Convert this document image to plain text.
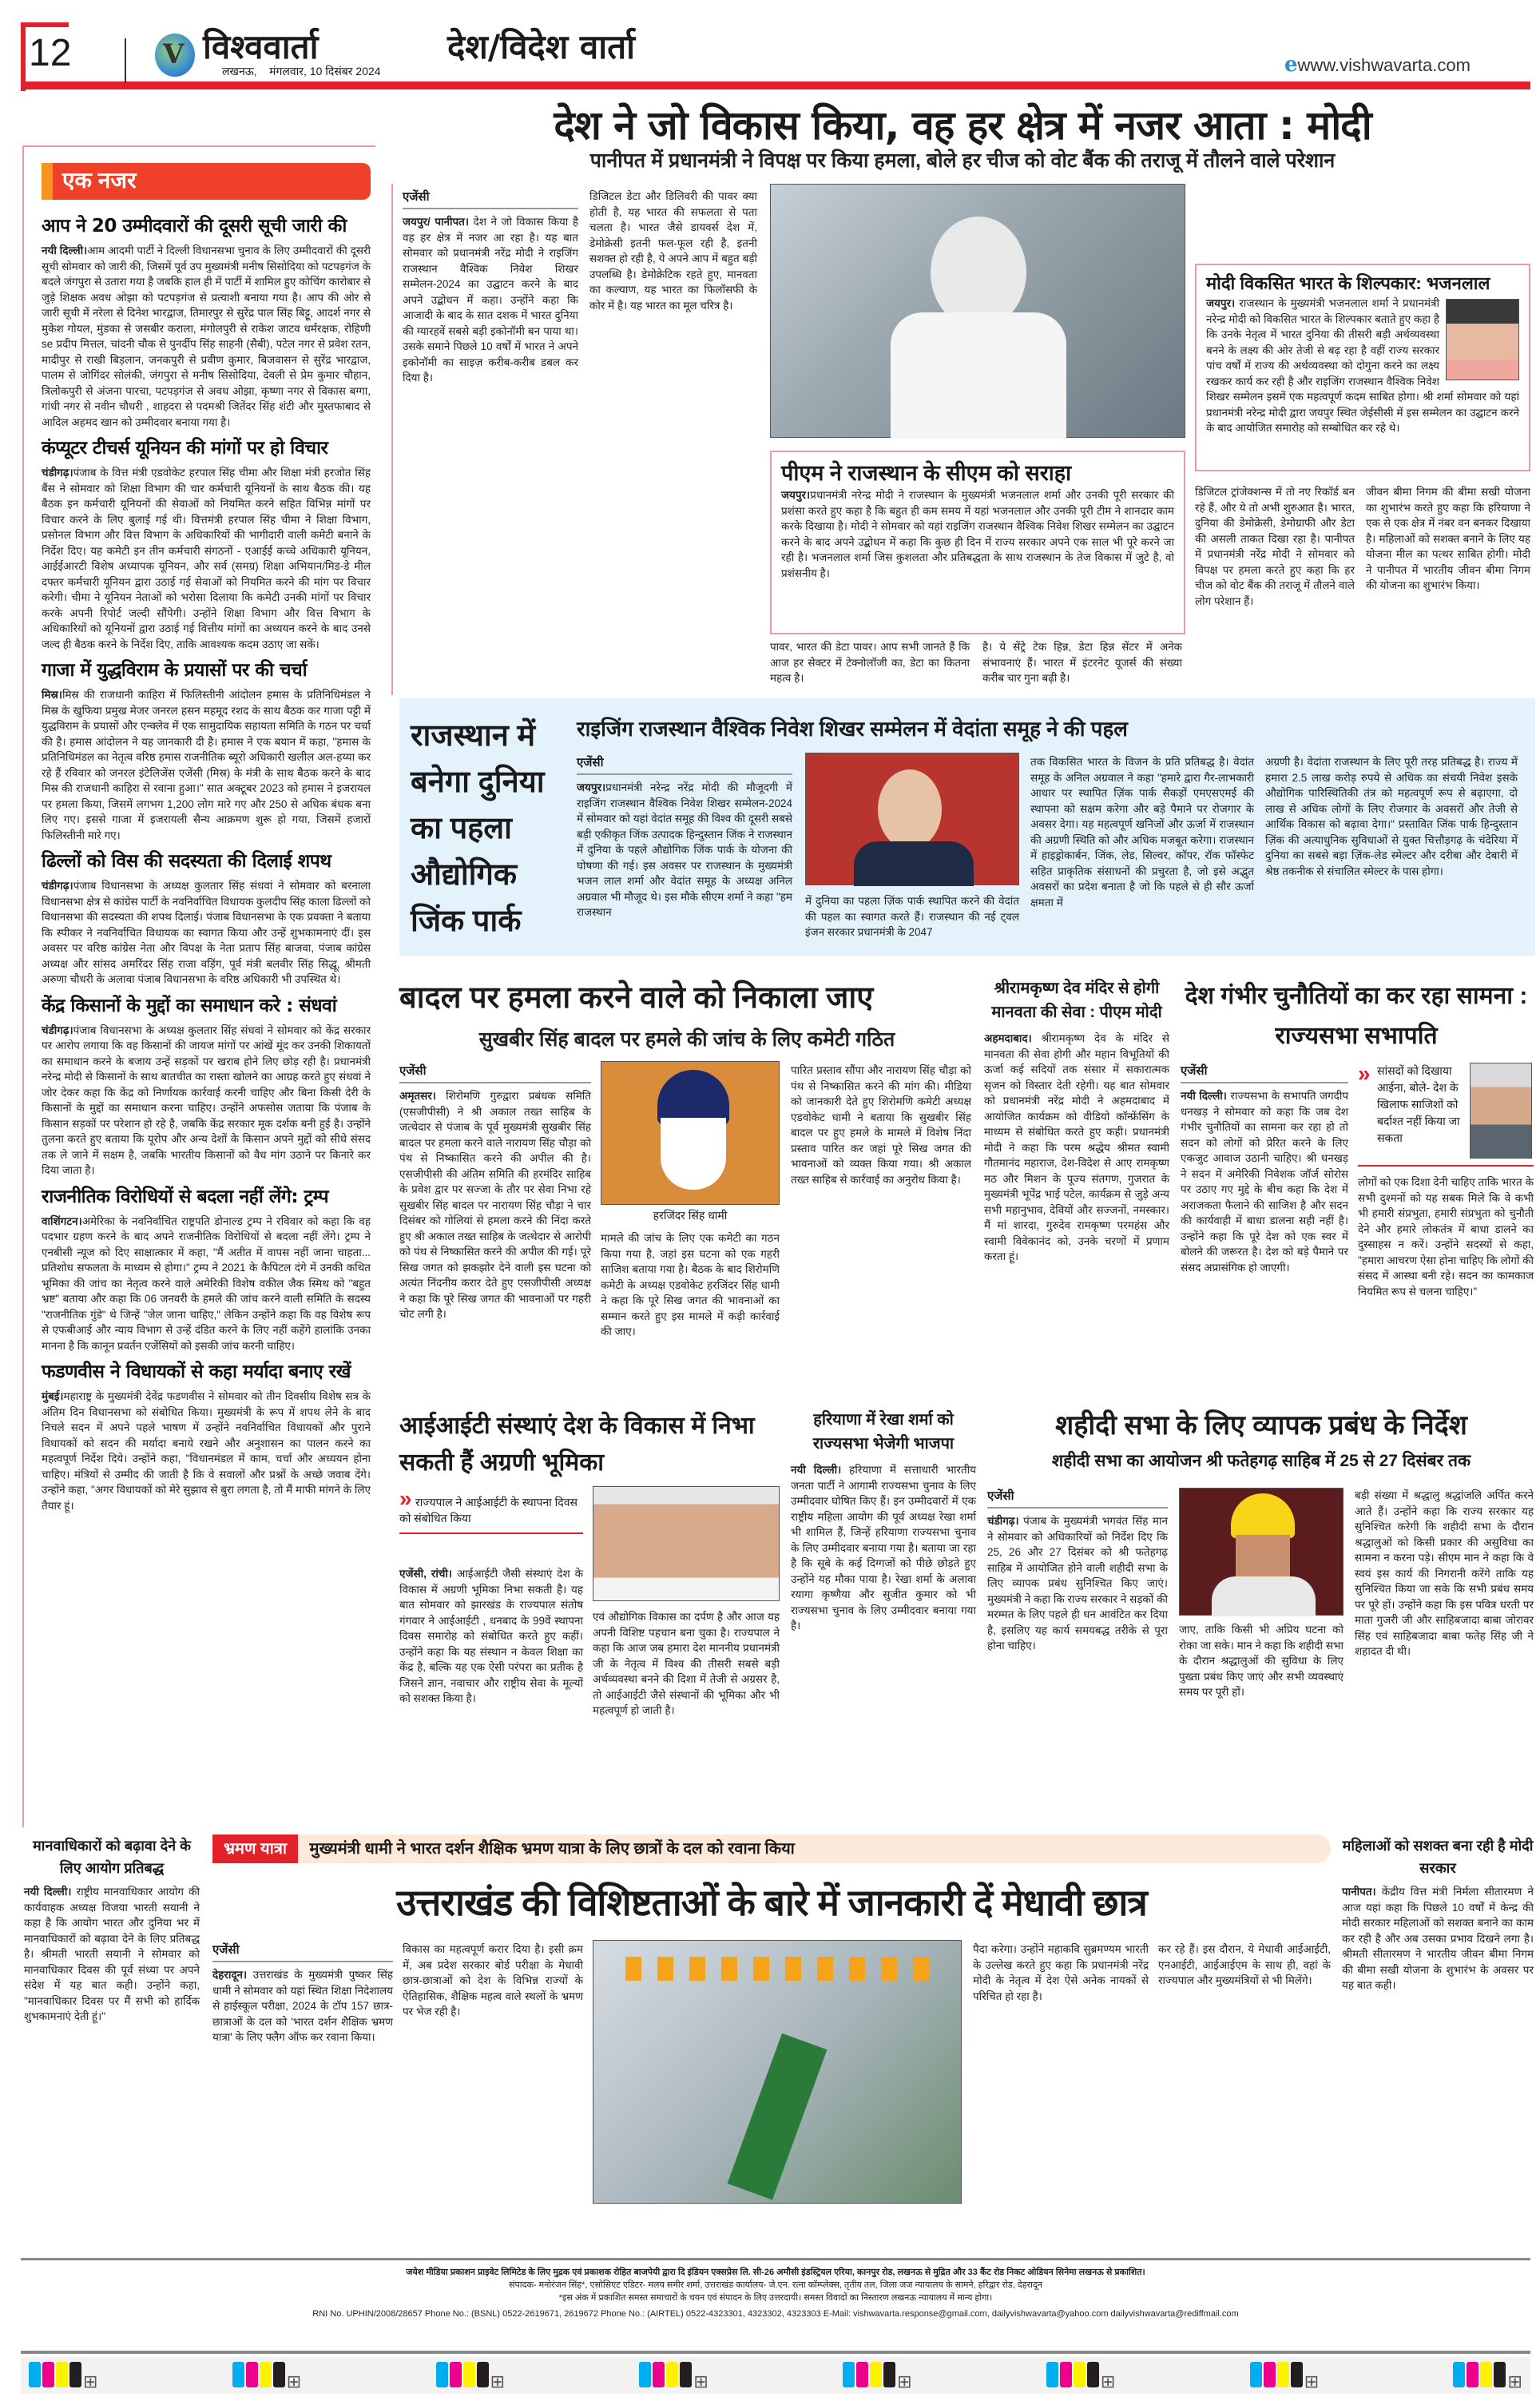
12	V विश्ववार्ता
लखनऊ, मंगलवार, 10 दिसंबर 2024
देश/विदेश वार्ता	ewww.vishwavarta.com
एक नजर
आप ने 20 उम्मीदवारों की दूसरी सूची जारी की
नयी दिल्ली।आम आदमी पार्टी ने दिल्ली विधानसभा चुनाव के लिए उम्मीदवारों की दूसरी सूची सोमवार को जारी की, जिसमें पूर्व उप मुख्यमंत्री मनीष सिसोदिया को पटपड़गंज के बदले जंगपुरा से उतारा गया है जबकि हाल ही में पार्टी में शामिल हुए कोचिंग कारोबार से जुड़े शिक्षक अवध ओझा को पटपड़गंज से प्रत्याशी बनाया गया है। आप की ओर से जारी सूची में नरेला से दिनेश भारद्वाज, तिमारपुर से सुरेंद्र पाल सिंह बिट्टू, आदर्श नगर से मुकेश गोयल, मुंडका से जसबीर कराला, मंगोलपुरी से राकेश जाटव धर्मरक्षक, रोहिणी se प्रदीप मित्तल, चांदनी चौक से पुनर्दीप सिंह साहनी (सैबी), पटेल नगर से प्रवेश रतन, मादीपुर से राखी बिड़लान, जनकपुरी से प्रवीण कुमार, बिजवासन से सुरेंद्र भारद्वाज, पालम से जोगिंदर सोलंकी, जंगपुरा से मनीष सिसोदिया, देवली से प्रेम कुमार चौहान, त्रिलोकपुरी से अंजना पारचा, पटपड़गंज से अवध ओझा, कृष्णा नगर से विकास बग्गा, गांधी नगर से नवीन चौधरी , शाहदरा से पदमश्री जितेंदर सिंह शंटी और मुस्तफाबाद से आदिल अहमद खान को उम्मीदवार बनाया गया है।
कंप्यूटर टीचर्स यूनियन की मांगों पर हो विचार
चंडीगढ़।पंजाब के वित्त मंत्री एडवोकेट हरपाल सिंह चीमा और शिक्षा मंत्री हरजोत सिंह बैंस ने सोमवार को शिक्षा विभाग की चार कर्मचारी यूनियनों के साथ बैठक की। यह बैठक इन कर्मचारी यूनियनों की सेवाओं को नियमित करने सहित विभिन्न मांगों पर विचार करने के लिए बुलाई गई थी। वित्तमंत्री हरपाल सिंह चीमा ने शिक्षा विभाग, प्रसोनल विभाग और वित्त विभाग के अधिकारियों की भागीदारी वाली कमेटी बनाने के निर्देश दिए। यह कमेटी इन तीन कर्मचारी संगठनों - एआईई कच्चे अधिकारी यूनियन, आईईआरटी विशेष अध्यापक यूनियन, और सर्व (समग्र) शिक्षा अभियान/मिड-डे मील दफ्तर कर्मचारी यूनियन द्वारा उठाई गई सेवाओं को नियमित करने की मांग पर विचार करेगी। चीमा ने यूनियन नेताओं को भरोसा दिलाया कि कमेटी उनकी मांगों पर विचार करके अपनी रिपोर्ट जल्दी सौंपेगी। उन्होंने शिक्षा विभाग और वित्त विभाग के अधिकारियों को यूनियनों द्वारा उठाई गई वित्तीय मांगों का अध्ययन करने के बाद उनसे जल्द ही बैठक करने के निर्देश दिए, ताकि आवश्यक कदम उठाए जा सकें।
गाजा में युद्धविराम के प्रयासों पर की चर्चा
मिस्र।मिस्र की राजधानी काहिरा में फिलिस्तीनी आंदोलन हमास के प्रतिनिधिमंडल ने मिस्र के खुफिया प्रमुख मेजर जनरल हसन महमूद रशद के साथ बैठक कर गाजा पट्टी में युद्धविराम के प्रयासों और एन्क्लेव में एक सामुदायिक सहायता समिति के गठन पर चर्चा की है। हमास आंदोलन ने यह जानकारी दी है। हमास ने एक बयान में कहा, "हमास के प्रतिनिधिमंडल का नेतृत्व वरिष्ठ हमास राजनीतिक ब्यूरो अधिकारी खलील अल-हय्या कर रहे हैं रविवार को जनरल इंटेलिजेंस एजेंसी (मिस्र) के मंत्री के साथ बैठक करने के बाद मिस्र की राजधानी काहिरा से रवाना हुआ।" सात अक्टूबर 2023 को हमास ने इजरायल पर हमला किया, जिसमें लगभग 1,200 लोग मारे गए और 250 से अधिक बंधक बना लिए गए। इससे गाजा में इजरायली सैन्य आक्रमण शुरू हो गया, जिसमें हजारों फिलिस्तीनी मारे गए।
ढिल्लों को विस की सदस्यता की दिलाई शपथ
चंडीगढ़।पंजाब विधानसभा के अध्यक्ष कुलतार सिंह संधवां ने सोमवार को बरनाला विधानसभा क्षेत्र से कांग्रेस पार्टी के नवनिर्वाचित विधायक कुलदीप सिंह काला ढिल्लों को विधानसभा की सदस्यता की शपथ दिलाई। पंजाब विधानसभा के एक प्रवक्ता ने बताया कि स्पीकर ने नवनिर्वाचित विधायक का स्वागत किया और उन्हें शुभकामनाएं दीं। इस अवसर पर वरिष्ठ कांग्रेस नेता और विपक्ष के नेता प्रताप सिंह बाजवा, पंजाब कांग्रेस अध्यक्ष और सांसद अमरिंदर सिंह राजा वड़िंग, पूर्व मंत्री बलवीर सिंह सिद्धू, श्रीमती अरुणा चौधरी के अलावा पंजाब विधानसभा के वरिष्ठ अधिकारी भी उपस्थित थे।
केंद्र किसानों के मुद्दों का समाधान करे : संधवां
चंडीगढ़।पंजाब विधानसभा के अध्यक्ष कुलतार सिंह संधवां ने सोमवार को केंद्र सरकार पर आरोप लगाया कि वह किसानों की जायज मांगों पर आंखें मूंद कर उनकी शिकायतों का समाधान करने के बजाय उन्हें सड़कों पर खराब होने लिए छोड़ रही है। प्रधानमंत्री नरेन्द्र मोदी से किसानों के साथ बातचीत का रास्ता खोलने का आग्रह करते हुए संधवां ने जोर देकर कहा कि केंद्र को निर्णायक कार्रवाई करनी चाहिए और बिना किसी देरी के किसानों के मुद्दों का समाधान करना चाहिए। उन्होंने अफसोस जताया कि पंजाब के किसान सड़कों पर परेशान हो रहे है, जबकि केंद्र सरकार मूक दर्शक बनी हुई है। उन्होंने तुलना करते हुए बताया कि यूरोप और अन्य देशों के किसान अपने मुद्दों को सीधे संसद तक ले जाने में सक्षम है, जबकि भारतीय किसानों को वैध मांग उठाने पर किनारे कर दिया जाता है।
राजनीतिक विरोधियों से बदला नहीं लेंगे: ट्रम्प
वाशिंगटन।अमेरिका के नवनिर्वाचित राष्ट्रपति डोनाल्ड ट्रम्प ने रविवार को कहा कि वह पदभार ग्रहण करने के बाद अपने राजनीतिक विरोधियों से बदला नहीं लेंगे। ट्रम्प ने एनबीसी न्यूज को दिए साक्षात्कार में कहा, "मैं अतीत में वापस नहीं जाना चाहता... प्रतिशोध सफलता के माध्यम से होगा।" ट्रम्प ने 2021 के कैपिटल दंगे में उनकी कथित भूमिका की जांच का नेतृत्व करने वाले अमेरिकी विशेष वकील जैक स्मिथ को "बहुत भ्रष्ट" बताया और कहा कि 06 जनवरी के हमले की जांच करने वाली समिति के सदस्य "राजनीतिक गुंडे" थे जिन्हें "जेल जाना चाहिए," लेकिन उन्होंने कहा कि वह विशेष रूप से एफबीआई और न्याय विभाग से उन्हें दंडित करने के लिए नहीं कहेंगे हालांकि उनका मानना है कि कानून प्रवर्तन एजेंसियों को इसकी जांच करनी चाहिए।
फडणवीस ने विधायकों से कहा मर्यादा बनाए रखें
मुंबई।महाराष्ट्र के मुख्यमंत्री देवेंद्र फडणवीस ने सोमवार को तीन दिवसीय विशेष सत्र के अंतिम दिन विधानसभा को संबोधित किया। मुख्यमंत्री के रूप में शपथ लेने के बाद निचले सदन में अपने पहले भाषण में उन्होंने नवनिर्वाचित विधायकों और पुराने विधायकों को सदन की मर्यादा बनाये रखने और अनुशासन का पालन करने का महत्वपूर्ण निर्देश दिये। उन्होंने कहा, "विधानमंडल में काम, चर्चा और अध्ययन होना चाहिए। मंत्रियों से उम्मीद की जाती है कि वे सवालों और प्रश्नों के अच्छे जवाब देंगे। उन्होंने कहा, "अगर विधायकों को मेरे सुझाव से बुरा लगता है, तो मैं माफी मांगने के लिए तैयार हूं।
देश ने जो विकास किया, वह हर क्षेत्र में नजर आता : मोदी
पानीपत में प्रधानमंत्री ने विपक्ष पर किया हमला, बोले हर चीज को वोट बैंक की तराजू में तौलने वाले परेशान
एजेंसी
जयपुर/ पानीपत। देश ने जो विकास किया है वह हर क्षेत्र में नजर आ रहा है। यह बात सोमवार को प्रधानमंत्री नरेंद्र मोदी ने राइजिंग राजस्थान वैश्विक निवेश शिखर सम्मेलन-2024 का उद्घाटन करने के बाद अपने उद्बोधन में कहा। उन्होंने कहा कि आजादी के बाद के सात दशक में भारत दुनिया की ग्यारहवें सबसे बड़ी इकोनॉमी बन पाया था। उसके समाने पिछले 10 वर्षों में भारत ने अपने इकोनॉमी का साइज़ करीब-करीब डबल कर दिया है।
डिजिटल डेटा और डिलिवरी की पावर क्या होती है, यह भारत की सफलता से पता चलता है। भारत जैसे डायवर्स देश में, डेमोक्रेसी इतनी फल-फूल रही है, इतनी सशक्त हो रही है, ये अपने आप में बहुत बड़ी उपलब्धि है। डेमोक्रेटिक रहते हुए, मानवता का कल्याण, यह भारत का फिलॉसफी के कोर में है। यह भारत का मूल चरित्र है।
पावर, भारत की डेटा पावर। आप सभी जानते हैं कि आज हर सेक्टर में टेक्नोलॉजी का, डेटा का कितना महत्व है।
है। ये सेंट्रे टेक हिन्न, डेटा हिन्न सेंटर में अनेक संभावनाएं हैं। भारत में इंटरनेट यूजर्स की संख्या करीब चार गुना बढ़ी है।
पीएम ने राजस्थान के सीएम को सराहा
जयपुर।प्रधानमंत्री नरेन्द्र मोदी ने राजस्थान के मुख्यमंत्री भजनलाल शर्मा और उनकी पूरी सरकार की प्रशंसा करते हुए कहा है कि बहुत ही कम समय में यहां भजनलाल और उनकी पूरी टीम ने शानदार काम करके दिखाया है। मोदी ने सोमवार को यहां राइजिंग राजस्थान वैश्विक निवेश शिखर सम्मेलन का उद्घाटन करने के बाद अपने उद्बोधन में कहा कि कुछ ही दिन में राज्य सरकार अपने एक साल भी पूरे करने जा रही है। भजनलाल शर्मा जिस कुशलता और प्रतिबद्धता के साथ राजस्थान के तेज विकास में जुटे है, वो प्रशंसनीय है।
मोदी विकसित भारत के शिल्पकार: भजनलाल
जयपुर। राजस्थान के मुख्यमंत्री भजनलाल शर्मा ने प्रधानमंत्री नरेन्द्र मोदी को विकसित भारत के शिल्पकार बताते हुए कहा है कि उनके नेतृत्व में भारत दुनिया की तीसरी बड़ी अर्थव्यवस्था बनने के लक्ष्य की ओर तेजी से बढ़ रहा है वहीं राज्य सरकार पांच वर्षों में राज्य की अर्थव्यवस्था को दोगुना करने का लक्ष्य रखकर कार्य कर रही है और राइजिंग राजस्थान वैश्विक निवेश शिखर सम्मेलन इसमें एक महत्वपूर्ण कदम साबित होगा। श्री शर्मा सोमवार को यहां प्रधानमंत्री नरेन्द्र मोदी द्वारा जयपुर स्थित जेईसीसी में इस सम्मेलन का उद्घाटन करने के बाद आयोजित समारोह को सम्बोधित कर रहे थे।
डिजिटल ट्रांजेक्शन्स में तो नए रिकॉर्ड बन रहे हैं, और ये तो अभी शुरुआत है। भारत, दुनिया की डेमोक्रेसी, डेमोग्राफी और डेटा की असली ताकत दिखा रहा है। पानीपत में प्रधानमंत्री नरेंद्र मोदी ने सोमवार को विपक्ष पर हमला करते हुए कहा कि हर चीज को वोट बैंक की तराजू में तौलने वाले लोग परेशान हैं।
जीवन बीमा निगम की बीमा सखी योजना का शुभारंभ करते हुए कहा कि हरियाणा ने एक से एक क्षेत्र में नंबर वन बनकर दिखाया है। महिलाओं को सशक्त बनाने के लिए यह योजना मील का पत्थर साबित होगी। मोदी ने पानीपत में भारतीय जीवन बीमा निगम की योजना का शुभारंभ किया।
राजस्थान में बनेगा दुनिया का पहला औद्योगिक जिंक पार्क
राइजिंग राजस्थान वैश्विक निवेश शिखर सम्मेलन में वेदांता समूह ने की पहल
एजेंसी
जयपुर।प्रधानमंत्री नरेन्द्र नरेंद्र मोदी की मौजूदगी में राइजिंग राजस्थान वैश्विक निवेश शिखर सम्मेलन-2024 में सोमवार को यहां वेदांत समूह की विश्व की दूसरी सबसे बड़ी एकीकृत जिंक उत्पादक हिन्दुस्तान जिंक ने राजस्थान में दुनिया के पहले औद्योगिक जिंक पार्क के योजना की घोषणा की गई। इस अवसर पर राजस्थान के मुख्यमंत्री भजन लाल शर्मा और वेदांत समूह के अध्यक्ष अनिल अग्रवाल भी मौजूद थे। इस मौके सीएम शर्मा ने कहा "हम राजस्थान
में दुनिया का पहला ज़िंक पार्क स्थापित करने की वेदांत की पहल का स्वागत करते हैं। राजस्थान की नई ट्वल इंजन सरकार प्रधानमंत्री के 2047
तक विकसित भारत के विजन के प्रति प्रतिबद्ध है। वेदांत समूह के अनिल अग्रवाल ने कहा "हमारे द्वारा गैर-लाभकारी आधार पर स्थापित ज़िंक पार्क सैकड़ों एमएसएमई की स्थापना को सक्षम करेगा और बड़े पैमाने पर रोजगार के अवसर देगा। यह महत्वपूर्ण खनिजों और ऊर्जा में राजस्थान की अग्रणी स्थिति को और अधिक मजबूत करेगा। राजस्थान में हाइड्रोकार्बन, जिंक, लेड, सिल्वर, कॉपर, रॉक फॉस्फेट सहित प्राकृतिक संसाधनों की प्रचुरता है, जो इसे अद्भुत अवसरों का प्रदेश बनाता है जो कि पहले से ही सौर ऊर्जा क्षमता में
अग्रणी है। वेदांता राजस्थान के लिए पूरी तरह प्रतिबद्ध है। राज्य में हमारा 2.5 लाख करोड़ रुपये से अधिक का संचयी निवेश इसके औद्योगिक पारिस्थितिकी तंत्र को महत्वपूर्ण रूप से बढ़ाएगा, दो लाख से अधिक लोगों के लिए रोजगार के अवसरों और तेजी से आर्थिक विकास को बढ़ावा देगा।" प्रस्तावित जिंक पार्क हिन्दुस्तान ज़िंक की अत्याधुनिक सुविधाओं से युक्त चित्तौड़गढ़ के चंदेरिया में दुनिया का सबसे बड़ा ज़िंक-लेड स्मेल्टर और दरीबा और देबारी में श्रेष्ठ तकनीक से संचालित स्मेल्टर के पास होगा।
बादल पर हमला करने वाले को निकाला जाए
सुखबीर सिंह बादल पर हमले की जांच के लिए कमेटी गठित
एजेंसी
अमृतसर। शिरोमणि गुरुद्वारा प्रबंधक समिति (एसजीपीसी) ने श्री अकाल तख्त साहिब के जत्थेदार से पंजाब के पूर्व मुख्यमंत्री सुखबीर सिंह बादल पर हमला करने वाले नारायण सिंह चौड़ा को पंथ से निष्कासित करने की अपील की है। एसजीपीसी की अंतिम समिति की हरमंदिर साहिब के प्रवेश द्वार पर सज्जा के तौर पर सेवा निभा रहे सुखबीर सिंह बादल पर नारायण सिंह चौड़ा ने चार दिसंबर को गोलियां से हमला करने की निंदा करते हुए श्री अकाल तख्त साहिब के जत्थेदार से आरोपी को पंथ से निष्कासित करने की अपील की गई। पूरे सिख जगत को झकझोर देने वाली इस घटना को अत्यंत निंदनीय करार देते हुए एसजीपीसी अध्यक्ष ने कहा कि पूरे सिख जगत की भावनाओं पर गहरी चोट लगी है।
हरजिंदर सिंह धामी
मामले की जांच के लिए एक कमेटी का गठन किया गया है, जहां इस घटना को एक गहरी साजिश बताया गया है। बैठक के बाद शिरोमणि कमेटी के अध्यक्ष एडवोकेट हरजिंदर सिंह धामी ने कहा कि पूरे सिख जगत की भावनाओं का सम्मान करते हुए इस मामले में कड़ी कार्रवाई की जाए।
पारित प्रस्ताव सौंपा और नारायण सिंह चौड़ा को पंथ से निष्कासित करने की मांग की। मीडिया को जानकारी देते हुए शिरोमणि कमेटी अध्यक्ष एडवोकेट धामी ने बताया कि सुखबीर सिंह बादल पर हुए हमले के मामले में विशेष निंदा प्रस्ताव पारित कर जहां पूरे सिख जगत की भावनाओं को व्यक्त किया गया। श्री अकाल तख्त साहिब से कार्रवाई का अनुरोध किया है।
श्रीरामकृष्ण देव मंदिर से होगी मानवता की सेवा : पीएम मोदी
अहमदाबाद। श्रीरामकृष्ण देव के मंदिर से मानवता की सेवा होगी और महान विभूतियों की ऊर्जा कई सदियों तक संसार में सकारात्मक सृजन को विस्तार देती रहेगी। यह बात सोमवार को प्रधानमंत्री नरेंद्र मोदी ने अहमदाबाद में आयोजित कार्यक्रम को वीडियो कॉन्फ्रेंसिंग के माध्यम से संबोधित करते हुए कही। प्रधानमंत्री मोदी ने कहा कि परम श्रद्धेय श्रीमत स्वामी गौतमानंद महाराज, देश-विदेश से आए रामकृष्ण मठ और मिशन के पूज्य संतगण, गुजरात के मुख्यमंत्री भूपेंद्र भाई पटेल, कार्यक्रम से जुड़े अन्य सभी महानुभाव, देवियों और सज्जनों, नमस्कार। मैं मां शारदा, गुरुदेव रामकृष्ण परमहंस और स्वामी विवेकानंद को, उनके चरणों में प्रणाम करता हूं।
देश गंभीर चुनौतियों का कर रहा सामना : राज्यसभा सभापति
एजेंसी
नयी दिल्ली। राज्यसभा के सभापति जगदीप धनखड़ ने सोमवार को कहा कि जब देश गंभीर चुनौतियों का सामना कर रहा हो तो सदन को लोगों को प्रेरित करने के लिए एकजुट आवाज उठानी चाहिए। श्री धनखड़ ने सदन में अमेरिकी निवेशक जॉर्ज सोरोस पर उठाए गए मुद्दे के बीच कहा कि देश में अराजकता फैलाने की साजिश है और सदन की कार्यवाही में बाधा डालना सही नहीं है। उन्होंने कहा कि पूरे देश को एक स्वर में बोलने की जरूरत है। देश को बड़े पैमाने पर संसद अप्रासंगिक हो जाएगी।
» सांसदों को दिखाया आईना, बोले- देश के खिलाफ साजिशों को बर्दाश्त नहीं किया जा सकता
लोगों को एक दिशा देनी चाहिए ताकि भारत के सभी दुश्मनों को यह सबक मिले कि वे कभी भी हमारी संप्रभुता, हमारी संप्रभुता को चुनौती देने और हमारे लोकतंत्र में बाधा डालने का दुस्साहस न करें। उन्होंने सदस्यों से कहा, "हमारा आचरण ऐसा होना चाहिए कि लोगों की संसद में आस्था बनी रहे। सदन का कामकाज नियमित रूप से चलना चाहिए।"
आईआईटी संस्थाएं देश के विकास में निभा सकती हैं अग्रणी भूमिका
» राज्यपाल ने आईआईटी के स्थापना दिवस को संबोधित किया
एजेंसी, रांची। आईआईटी जैसी संस्थाएं देश के विकास में अग्रणी भूमिका निभा सकती है। यह बात सोमवार को झारखंड के राज्यपाल संतोष गंगवार ने आईआईटी , धनबाद के 99वें स्थापना दिवस समारोह को संबोधित करते हुए कहीं। उन्होंने कहा कि यह संस्थान न केवल शिक्षा का केंद्र है, बल्कि यह एक ऐसी परंपरा का प्रतीक है जिसने ज्ञान, नवाचार और राष्ट्रीय सेवा के मूल्यों को सशक्त किया है।
एवं औद्योगिक विकास का दर्पण है और आज यह अपनी विशिष्ट पहचान बना चुका है। राज्यपाल ने कहा कि आज जब हमारा देश माननीय प्रधानमंत्री जी के नेतृत्व में विश्व की तीसरी सबसे बड़ी अर्थव्यवस्था बनने की दिशा में तेजी से अग्रसर है, तो आईआईटी जैसे संस्थानों की भूमिका और भी महत्वपूर्ण हो जाती है।
हरियाणा में रेखा शर्मा को राज्यसभा भेजेगी भाजपा
नयी दिल्ली। हरियाणा में सत्ताधारी भारतीय जनता पार्टी ने आगामी राज्यसभा चुनाव के लिए उम्मीदवार घोषित किए हैं। इन उम्मीदवारों में एक राष्ट्रीय महिला आयोग की पूर्व अध्यक्ष रेखा शर्मा भी शामिल हैं, जिन्हें हरियाणा राज्यसभा चुनाव के लिए उम्मीदवार बनाया गया है। बताया जा रहा है कि सूबे के कई दिग्गजों को पीछे छोड़ते हुए उन्होंने यह मौका पाया है। रेखा शर्मा के अलावा रयागा कृष्णैया और सुजीत कुमार को भी राज्यसभा चुनाव के लिए उम्मीदवार बनाया गया है।
शहीदी सभा के लिए व्यापक प्रबंध के निर्देश
शहीदी सभा का आयोजन श्री फतेहगढ़ साहिब में 25 से 27 दिसंबर तक
एजेंसी
चंडीगढ़। पंजाब के मुख्यमंत्री भगवंत सिंह मान ने सोमवार को अधिकारियों को निर्देश दिए कि 25, 26 और 27 दिसंबर को श्री फतेहगढ़ साहिब में आयोजित होने वाली शहीदी सभा के लिए व्यापक प्रबंध सुनिश्चित किए जाएं। मुख्यमंत्री ने कहा कि राज्य सरकार ने सड़कों की मरम्मत के लिए पहले ही धन आवंटित कर दिया है, इसलिए यह कार्य समयबद्ध तरीके से पूरा होना चाहिए।
जाए, ताकि किसी भी अप्रिय घटना को रोका जा सके। मान ने कहा कि शहीदी सभा के दौरान श्रद्धालुओं की सुविधा के लिए पुख्ता प्रबंध किए जाएं और सभी व्यवस्थाएं समय पर पूरी हों।
बड़ी संख्या में श्रद्धालु श्रद्धांजलि अर्पित करने आते हैं। उन्होंने कहा कि राज्य सरकार यह सुनिश्चित करेगी कि शहीदी सभा के दौरान श्रद्धालुओं को किसी प्रकार की असुविधा का सामना न करना पड़े। सीएम मान ने कहा कि वे स्वयं इस कार्य की निगरानी करेंगे ताकि यह सुनिश्चित किया जा सके कि सभी प्रबंध समय पर पूरे हों। उन्होंने कहा कि इस पवित्र धरती पर माता गुजरी जी और साहिबजादा बाबा जोरावर सिंह एवं साहिबजादा बाबा फतेह सिंह जी ने शहादत दी थी।
मानवाधिकारों को बढ़ावा देने के लिए आयोग प्रतिबद्ध
नयी दिल्ली। राष्ट्रीय मानवाधिकार आयोग की कार्यवाहक अध्यक्ष विजया भारती सयानी ने कहा है कि आयोग भारत और दुनिया भर में मानवाधिकारों को बढ़ावा देने के लिए प्रतिबद्ध है। श्रीमती भारती सयानी ने सोमवार को मानवाधिकार दिवस की पूर्व संध्या पर अपने संदेश में यह बात कही। उन्होंने कहा, "मानवाधिकार दिवस पर मैं सभी को हार्दिक शुभकामनाएं देती हूं।"
भ्रमण यात्रा मुख्यमंत्री धामी ने भारत दर्शन शैक्षिक भ्रमण यात्रा के लिए छात्रों के दल को रवाना किया
उत्तराखंड की विशिष्टताओं के बारे में जानकारी दें मेधावी छात्र
एजेंसी
देहरादून। उत्तराखंड के मुख्यमंत्री पुष्कर सिंह धामी ने सोमवार को यहां स्थित शिक्षा निदेशालय से हाईस्कूल परीक्षा, 2024 के टॉप 157 छात्र-छात्राओं के दल को 'भारत दर्शन शैक्षिक भ्रमण यात्रा' के लिए फ्लैग ऑफ कर रवाना किया।
विकास का महत्वपूर्ण करार दिया है। इसी क्रम में, अब प्रदेश सरकार बोर्ड परीक्षा के मेधावी छात्र-छात्राओं को देश के विभिन्न राज्यों के ऐतिहासिक, शैक्षिक महत्व वाले स्थलों के भ्रमण पर भेज रही है।
पैदा करेगा। उन्होंने महाकवि सुब्रमण्यम भारती के उल्लेख करते हुए कहा कि प्रधानमंत्री नरेंद्र मोदी के नेतृत्व में देश ऐसे अनेक नायकों से परिचित हो रहा है।
कर रहे हैं। इस दौरान, ये मेधावी आईआईटी, एनआईटी, आईआईएम के साथ ही, वहां के राज्यपाल और मुख्यमंत्रियों से भी मिलेंगे।
महिलाओं को सशक्त बना रही है मोदी सरकार
पानीपत। केंद्रीय वित्त मंत्री निर्मला सीतारमण ने आज यहां कहा कि पिछले 10 वर्षों में केन्द्र की मोदी सरकार महिलाओं को सशक्त बनाने का काम कर रही है और अब उसका प्रभाव दिखने लगा है। श्रीमती सीतारमण ने भारतीय जीवन बीमा निगम की बीमा सखी योजना के शुभारंभ के अवसर पर यह बात कही।
जयेश मीडिया प्रकाशन प्राइवेट लिमिटेड के लिए मुद्रक एवं प्रकाशक रोहित बाजपेयी द्वारा दि इंडियन एक्सप्रेस लि. सी-26 अमौसी इंडस्ट्रियल एरिया, कानपुर रोड, लखनऊ से मुद्रित और 33 कैंट रोड निकट ओडियन सिनेमा लखनऊ से प्रकाशित।
संपादक- मनोरंजन सिंह*, एसोसिएट एडिटर- मलय समीर शर्मा, उत्तराखंड कार्यालय- जे.एन. रत्ना कॉम्प्लेक्स, तृतीय तल, जिला जज न्यायालय के सामने, हरिद्वार रोड, देहरादून
*इस अंक में प्रकाशित समस्त समाचारों के चयन एवं संपादन के लिए उत्तरदायी। समस्त विवादों का निस्तारण लखनऊ न्यायालय में मान्य होगा।
RNI No. UPHIN/2008/28657 Phone No.: (BSNL) 0522-2619671, 2619672 Phone No.: (AIRTEL) 0522-4323301, 4323302, 4323303 E-Mail: vishwavarta.response@gmail.com, dailyvishwavarta@yahoo.com dailyvishwavarta@rediffmail.com
⊞	⊞	⊞	⊞	⊞	⊞	⊞	⊞
